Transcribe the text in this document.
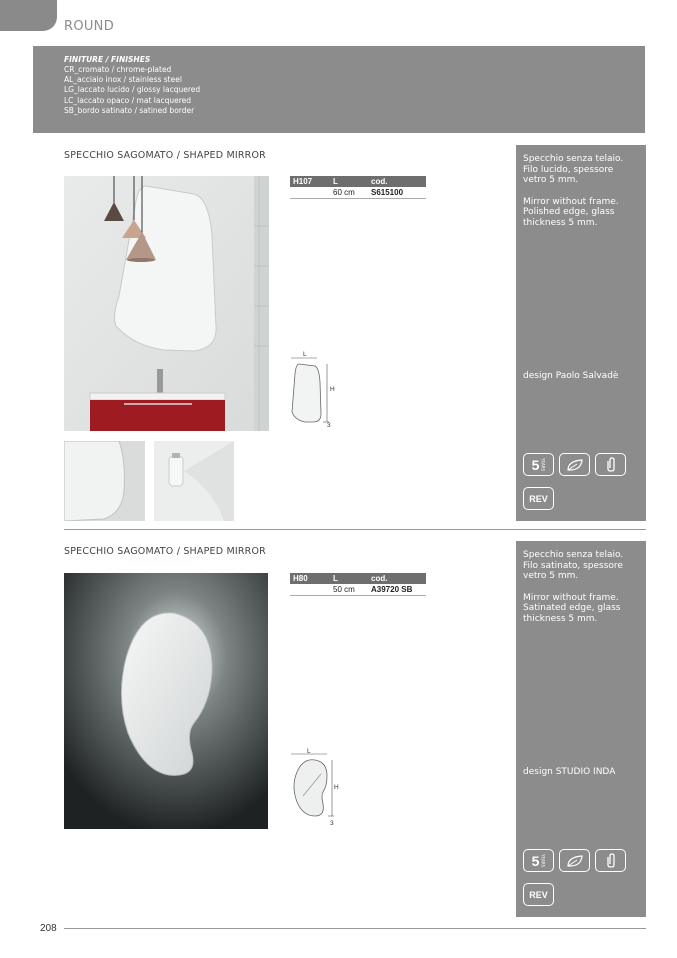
ROUND
FINITURE / FINISHES
CR_cromato / chrome-plated
AL_acciaio inox / stainless steel
LG_laccato lucido / glossy lacquered
LC_laccato opaco / mat lacquered
SB_bordo satinato / satined border
SPECCHIO SAGOMATO / SHAPED MIRROR
H107	L	cod.
60 cm	S615100
L
H
3

Specchio senza telaio.

Filo lucido, spessore

vetro 5 mm.

Mirror without frame.

Polished edge, glass

thickness 5 mm.

design Paolo Salvadè
5 YEARS
REV
SPECCHIO SAGOMATO / SHAPED MIRROR
H80	L	cod.
50 cm	A39720 SB
L
H
3

Specchio senza telaio.

Filo satinato, spessore

vetro 5 mm.

Mirror without frame.

Satinated edge, glass

thickness 5 mm.

design STUDIO INDA
5 YEARS
REV
208
